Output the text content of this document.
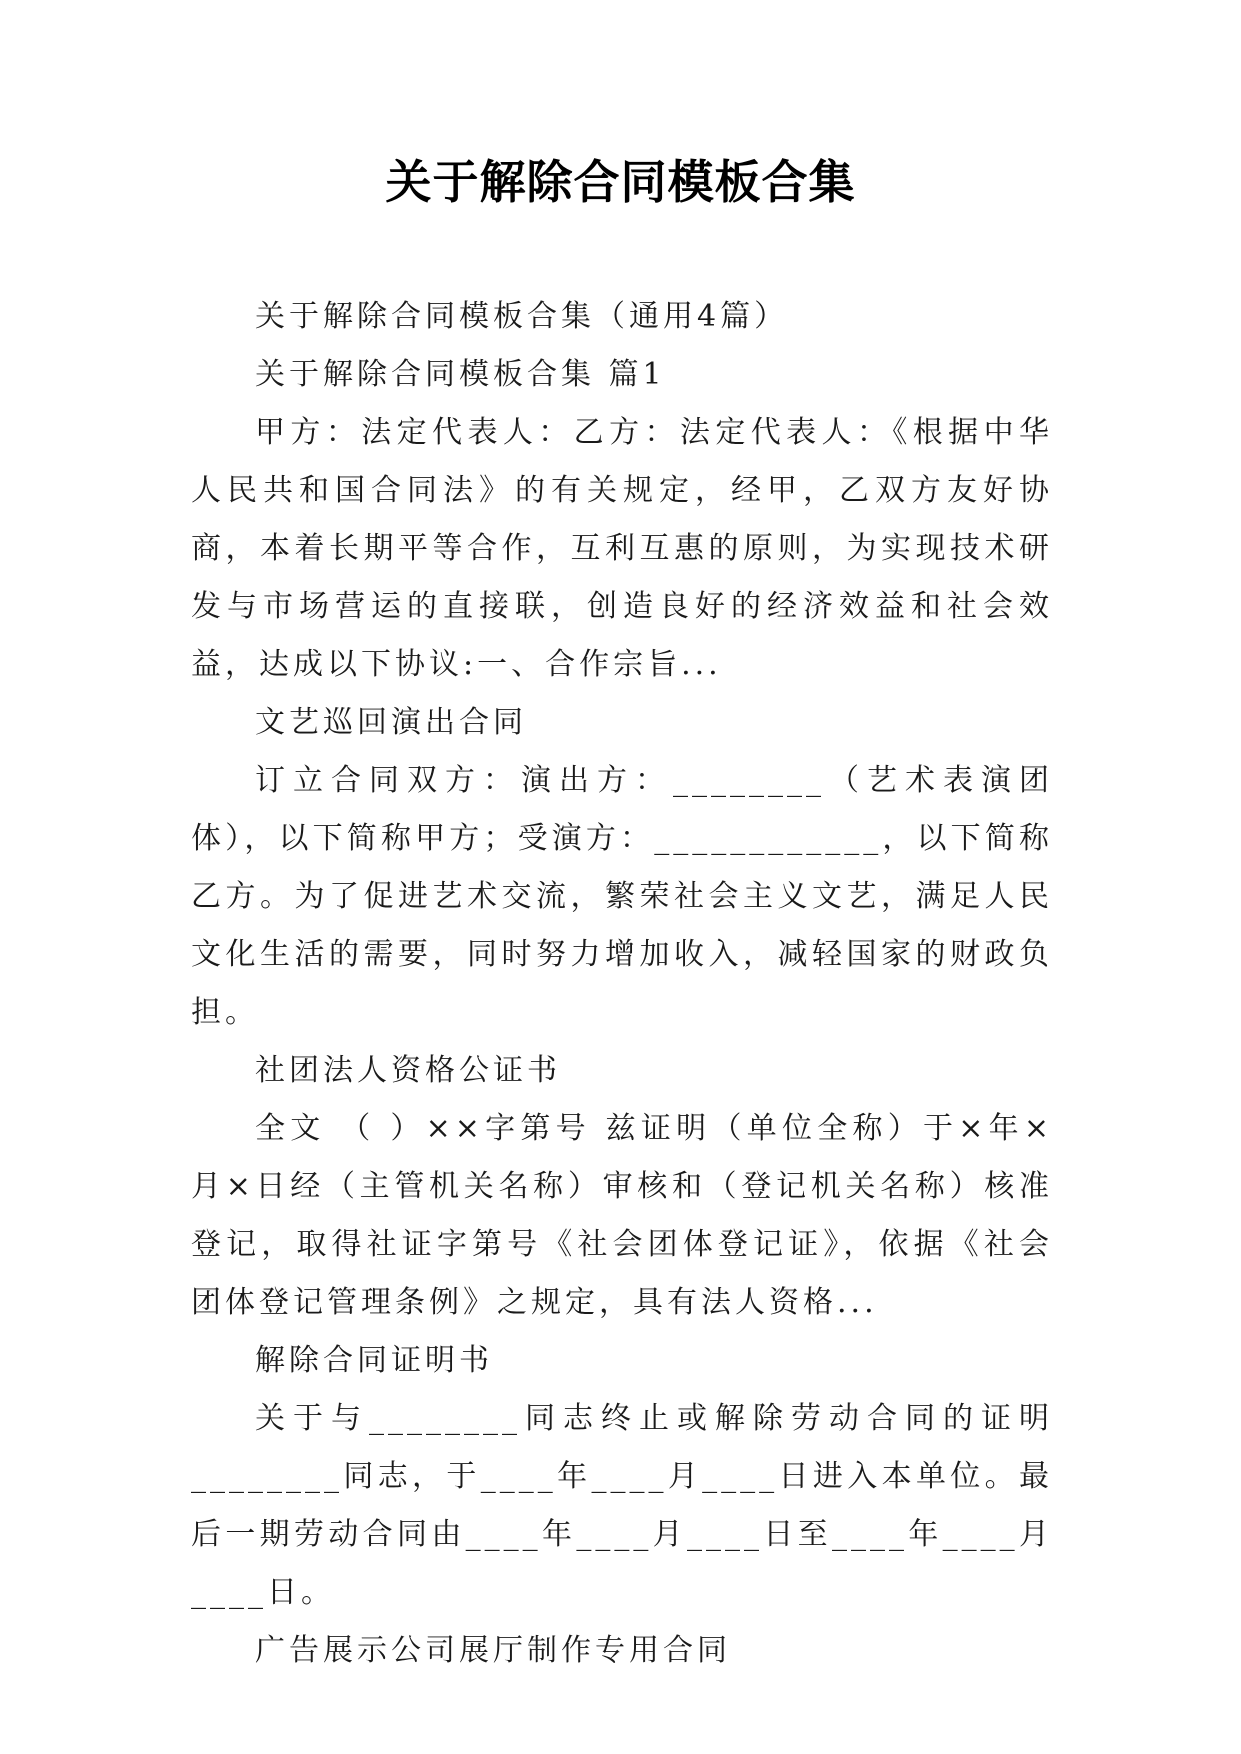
关于解除合同模板合集

关于解除合同模板合集（通用4篇）

关于解除合同模板合集 篇1

甲方：法定代表人：乙方：法定代表人：《根据中华人民共和国合同法》的有关规定，经甲，乙双方友好协商，本着长期平等合作，互利互惠的原则，为实现技术研发与市场营运的直接联，创造良好的经济效益和社会效益，达成以下协议:一、合作宗旨...

文艺巡回演出合同

订立合同双方：演出方：________（艺术表演团体），以下简称甲方；受演方：____________，以下简称乙方。为了促进艺术交流，繁荣社会主义文艺，满足人民文化生活的需要，同时努力增加收入，减轻国家的财政负担。

社团法人资格公证书

全文 （ ）××字第号 兹证明（单位全称）于×年×月×日经（主管机关名称）审核和（登记机关名称）核准登记，取得社证字第号《社会团体登记证》，依据《社会团体登记管理条例》之规定，具有法人资格...

解除合同证明书

关于与________同志终止或解除劳动合同的证明 ________同志，于____年____月____日进入本单位。最后一期劳动合同由____年____月____日至____年____月____日。

广告展示公司展厅制作专用合同
